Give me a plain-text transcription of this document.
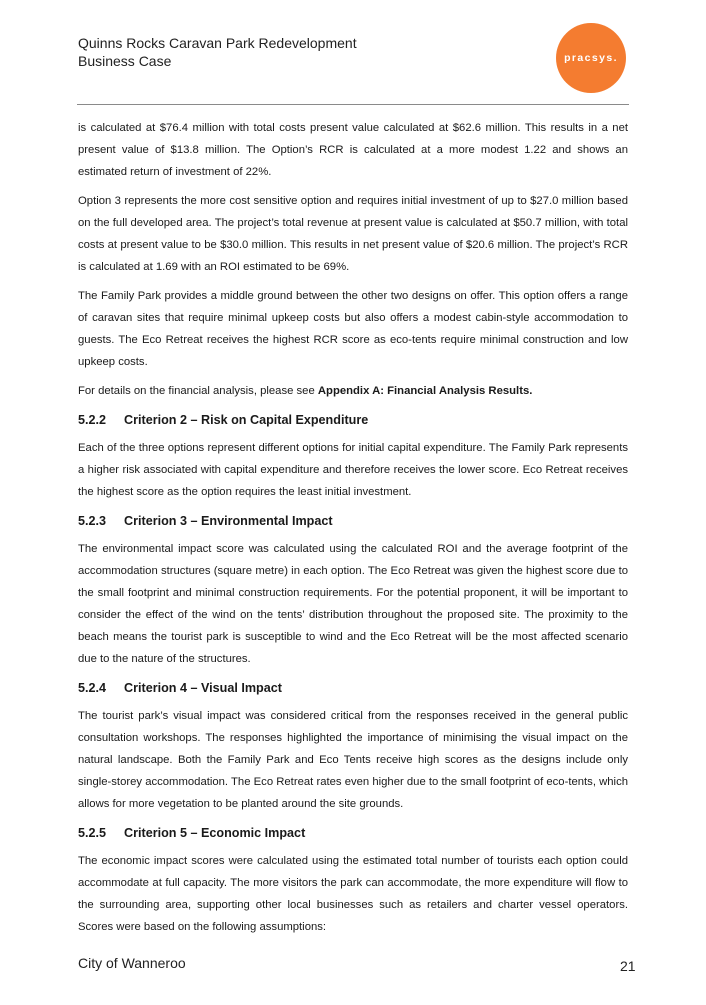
Quinns Rocks Caravan Park Redevelopment
Business Case	pracsys.

is calculated at $76.4 million with total costs present value calculated at $62.6 million. This results in a net present value of $13.8 million. The Option’s RCR is calculated at a more modest 1.22 and shows an estimated return of investment of 22%.

Option 3 represents the more cost sensitive option and requires initial investment of up to $27.0 million based on the full developed area. The project’s total revenue at present value is calculated at $50.7 million, with total costs at present value to be $30.0 million. This results in net present value of $20.6 million. The project’s RCR is calculated at 1.69 with an ROI estimated to be 69%.

The Family Park provides a middle ground between the other two designs on offer. This option offers a range of caravan sites that require minimal upkeep costs but also offers a modest cabin-style accommodation to guests. The Eco Retreat receives the highest RCR score as eco-tents require minimal construction and low upkeep costs.

For details on the financial analysis, please see Appendix A: Financial Analysis Results.

5.2.2 Criterion 2 – Risk on Capital Expenditure

Each of the three options represent different options for initial capital expenditure. The Family Park represents a higher risk associated with capital expenditure and therefore receives the lower score. Eco Retreat receives the highest score as the option requires the least initial investment.

5.2.3 Criterion 3 – Environmental Impact

The environmental impact score was calculated using the calculated ROI and the average footprint of the accommodation structures (square metre) in each option. The Eco Retreat was given the highest score due to the small footprint and minimal construction requirements. For the potential proponent, it will be important to consider the effect of the wind on the tents’ distribution throughout the proposed site. The proximity to the beach means the tourist park is susceptible to wind and the Eco Retreat will be the most affected scenario due to the nature of the structures.

5.2.4 Criterion 4 – Visual Impact

The tourist park’s visual impact was considered critical from the responses received in the general public consultation workshops. The responses highlighted the importance of minimising the visual impact on the natural landscape. Both the Family Park and Eco Tents receive high scores as the designs include only single-storey accommodation. The Eco Retreat rates even higher due to the small footprint of eco-tents, which allows for more vegetation to be planted around the site grounds.

5.2.5 Criterion 5 – Economic Impact

The economic impact scores were calculated using the estimated total number of tourists each option could accommodate at full capacity. The more visitors the park can accommodate, the more expenditure will flow to the surrounding area, supporting other local businesses such as retailers and charter vessel operators. Scores were based on the following assumptions:

City of Wanneroo	21
